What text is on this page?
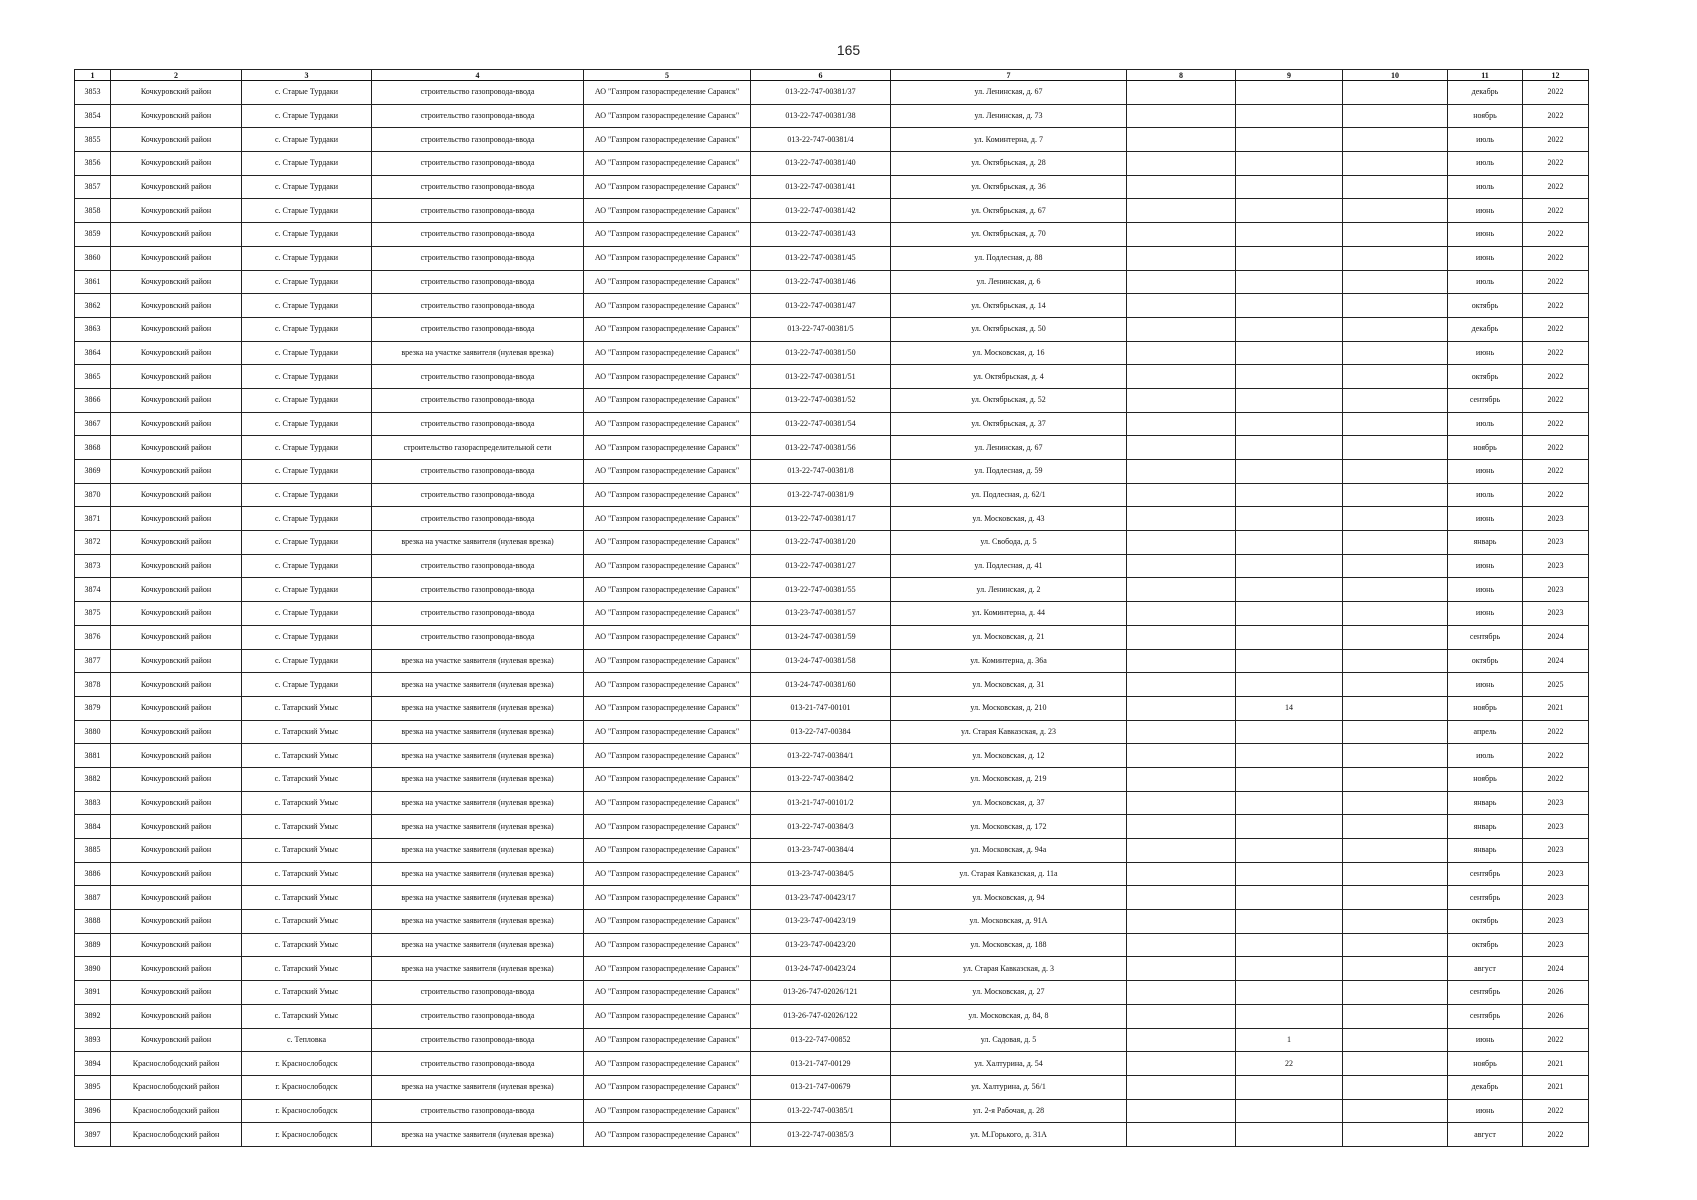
165
1	2	3	4	5	6	7	8	9	10	11	12
3853	Кочкуровский район	с. Старые Турдаки	строительство газопровода-ввода	АО "Газпром газораспределение Саранск"	013-22-747-00381/37	ул. Ленинская, д. 67				декабрь	2022
3854	Кочкуровский район	с. Старые Турдаки	строительство газопровода-ввода	АО "Газпром газораспределение Саранск"	013-22-747-00381/38	ул. Ленинская, д. 73				ноябрь	2022
3855	Кочкуровский район	с. Старые Турдаки	строительство газопровода-ввода	АО "Газпром газораспределение Саранск"	013-22-747-00381/4	ул. Коминтерна, д. 7				июль	2022
3856	Кочкуровский район	с. Старые Турдаки	строительство газопровода-ввода	АО "Газпром газораспределение Саранск"	013-22-747-00381/40	ул. Октябрьская, д. 28				июль	2022
3857	Кочкуровский район	с. Старые Турдаки	строительство газопровода-ввода	АО "Газпром газораспределение Саранск"	013-22-747-00381/41	ул. Октябрьская, д. 36				июль	2022
3858	Кочкуровский район	с. Старые Турдаки	строительство газопровода-ввода	АО "Газпром газораспределение Саранск"	013-22-747-00381/42	ул. Октябрьская, д. 67				июнь	2022
3859	Кочкуровский район	с. Старые Турдаки	строительство газопровода-ввода	АО "Газпром газораспределение Саранск"	013-22-747-00381/43	ул. Октябрьская, д. 70				июнь	2022
3860	Кочкуровский район	с. Старые Турдаки	строительство газопровода-ввода	АО "Газпром газораспределение Саранск"	013-22-747-00381/45	ул. Подлесная, д. 88				июнь	2022
3861	Кочкуровский район	с. Старые Турдаки	строительство газопровода-ввода	АО "Газпром газораспределение Саранск"	013-22-747-00381/46	ул. Ленинская, д. 6				июль	2022
3862	Кочкуровский район	с. Старые Турдаки	строительство газопровода-ввода	АО "Газпром газораспределение Саранск"	013-22-747-00381/47	ул. Октябрьская, д. 14				октябрь	2022
3863	Кочкуровский район	с. Старые Турдаки	строительство газопровода-ввода	АО "Газпром газораспределение Саранск"	013-22-747-00381/5	ул. Октябрьская, д. 50				декабрь	2022
3864	Кочкуровский район	с. Старые Турдаки	врезка на участке заявителя (нулевая врезка)	АО "Газпром газораспределение Саранск"	013-22-747-00381/50	ул. Московская, д. 16				июнь	2022
3865	Кочкуровский район	с. Старые Турдаки	строительство газопровода-ввода	АО "Газпром газораспределение Саранск"	013-22-747-00381/51	ул. Октябрьская, д. 4				октябрь	2022
3866	Кочкуровский район	с. Старые Турдаки	строительство газопровода-ввода	АО "Газпром газораспределение Саранск"	013-22-747-00381/52	ул. Октябрьская, д. 52				сентябрь	2022
3867	Кочкуровский район	с. Старые Турдаки	строительство газопровода-ввода	АО "Газпром газораспределение Саранск"	013-22-747-00381/54	ул. Октябрьская, д. 37				июль	2022
3868	Кочкуровский район	с. Старые Турдаки	строительство газораспределительной сети	АО "Газпром газораспределение Саранск"	013-22-747-00381/56	ул. Ленинская, д. 67				ноябрь	2022
3869	Кочкуровский район	с. Старые Турдаки	строительство газопровода-ввода	АО "Газпром газораспределение Саранск"	013-22-747-00381/8	ул. Подлесная, д. 59				июнь	2022
3870	Кочкуровский район	с. Старые Турдаки	строительство газопровода-ввода	АО "Газпром газораспределение Саранск"	013-22-747-00381/9	ул. Подлесная, д. 62/1				июль	2022
3871	Кочкуровский район	с. Старые Турдаки	строительство газопровода-ввода	АО "Газпром газораспределение Саранск"	013-22-747-00381/17	ул. Московская, д. 43				июнь	2023
3872	Кочкуровский район	с. Старые Турдаки	врезка на участке заявителя (нулевая врезка)	АО "Газпром газораспределение Саранск"	013-22-747-00381/20	ул. Свобода, д. 5				январь	2023
3873	Кочкуровский район	с. Старые Турдаки	строительство газопровода-ввода	АО "Газпром газораспределение Саранск"	013-22-747-00381/27	ул. Подлесная, д. 41				июнь	2023
3874	Кочкуровский район	с. Старые Турдаки	строительство газопровода-ввода	АО "Газпром газораспределение Саранск"	013-22-747-00381/55	ул. Ленинская, д. 2				июнь	2023
3875	Кочкуровский район	с. Старые Турдаки	строительство газопровода-ввода	АО "Газпром газораспределение Саранск"	013-23-747-00381/57	ул. Коминтерна, д. 44				июнь	2023
3876	Кочкуровский район	с. Старые Турдаки	строительство газопровода-ввода	АО "Газпром газораспределение Саранск"	013-24-747-00381/59	ул. Московская, д. 21				сентябрь	2024
3877	Кочкуровский район	с. Старые Турдаки	врезка на участке заявителя (нулевая врезка)	АО "Газпром газораспределение Саранск"	013-24-747-00381/58	ул. Коминтерна, д. 36а				октябрь	2024
3878	Кочкуровский район	с. Старые Турдаки	врезка на участке заявителя (нулевая врезка)	АО "Газпром газораспределение Саранск"	013-24-747-00381/60	ул. Московская, д. 31				июнь	2025
3879	Кочкуровский район	с. Татарский Умыс	врезка на участке заявителя (нулевая врезка)	АО "Газпром газораспределение Саранск"	013-21-747-00101	ул. Московская, д. 210		14		ноябрь	2021
3880	Кочкуровский район	с. Татарский Умыс	врезка на участке заявителя (нулевая врезка)	АО "Газпром газораспределение Саранск"	013-22-747-00384	ул. Старая Кавказская, д. 23				апрель	2022
3881	Кочкуровский район	с. Татарский Умыс	врезка на участке заявителя (нулевая врезка)	АО "Газпром газораспределение Саранск"	013-22-747-00384/1	ул. Московская, д. 12				июль	2022
3882	Кочкуровский район	с. Татарский Умыс	врезка на участке заявителя (нулевая врезка)	АО "Газпром газораспределение Саранск"	013-22-747-00384/2	ул. Московская, д. 219				ноябрь	2022
3883	Кочкуровский район	с. Татарский Умыс	врезка на участке заявителя (нулевая врезка)	АО "Газпром газораспределение Саранск"	013-21-747-00101/2	ул. Московская, д. 37				январь	2023
3884	Кочкуровский район	с. Татарский Умыс	врезка на участке заявителя (нулевая врезка)	АО "Газпром газораспределение Саранск"	013-22-747-00384/3	ул. Московская, д. 172				январь	2023
3885	Кочкуровский район	с. Татарский Умыс	врезка на участке заявителя (нулевая врезка)	АО "Газпром газораспределение Саранск"	013-23-747-00384/4	ул. Московская, д. 94а				январь	2023
3886	Кочкуровский район	с. Татарский Умыс	врезка на участке заявителя (нулевая врезка)	АО "Газпром газораспределение Саранск"	013-23-747-00384/5	ул. Старая Кавказская, д. 11а				сентябрь	2023
3887	Кочкуровский район	с. Татарский Умыс	врезка на участке заявителя (нулевая врезка)	АО "Газпром газораспределение Саранск"	013-23-747-00423/17	ул. Московская, д. 94				сентябрь	2023
3888	Кочкуровский район	с. Татарский Умыс	врезка на участке заявителя (нулевая врезка)	АО "Газпром газораспределение Саранск"	013-23-747-00423/19	ул. Московская, д. 91А				октябрь	2023
3889	Кочкуровский район	с. Татарский Умыс	врезка на участке заявителя (нулевая врезка)	АО "Газпром газораспределение Саранск"	013-23-747-00423/20	ул. Московская, д. 188				октябрь	2023
3890	Кочкуровский район	с. Татарский Умыс	врезка на участке заявителя (нулевая врезка)	АО "Газпром газораспределение Саранск"	013-24-747-00423/24	ул. Старая Кавказская, д. 3				август	2024
3891	Кочкуровский район	с. Татарский Умыс	строительство газопровода-ввода	АО "Газпром газораспределение Саранск"	013-26-747-02026/121	ул. Московская, д. 27				сентябрь	2026
3892	Кочкуровский район	с. Татарский Умыс	строительство газопровода-ввода	АО "Газпром газораспределение Саранск"	013-26-747-02026/122	ул. Московская, д. 84, 8				сентябрь	2026
3893	Кочкуровский район	с. Тепловка	строительство газопровода-ввода	АО "Газпром газораспределение Саранск"	013-22-747-00852	ул. Садовая, д. 5		1		июнь	2022
3894	Краснослободский район	г. Краснослободск	строительство газопровода-ввода	АО "Газпром газораспределение Саранск"	013-21-747-00129	ул. Халтурина, д. 54		22		ноябрь	2021
3895	Краснослободский район	г. Краснослободск	врезка на участке заявителя (нулевая врезка)	АО "Газпром газораспределение Саранск"	013-21-747-00679	ул. Халтурина, д. 56/1				декабрь	2021
3896	Краснослободский район	г. Краснослободск	строительство газопровода-ввода	АО "Газпром газораспределение Саранск"	013-22-747-00385/1	ул. 2-я Рабочая, д. 28				июнь	2022
3897	Краснослободский район	г. Краснослободск	врезка на участке заявителя (нулевая врезка)	АО "Газпром газораспределение Саранск"	013-22-747-00385/3	ул. М.Горького, д. 31А				август	2022
